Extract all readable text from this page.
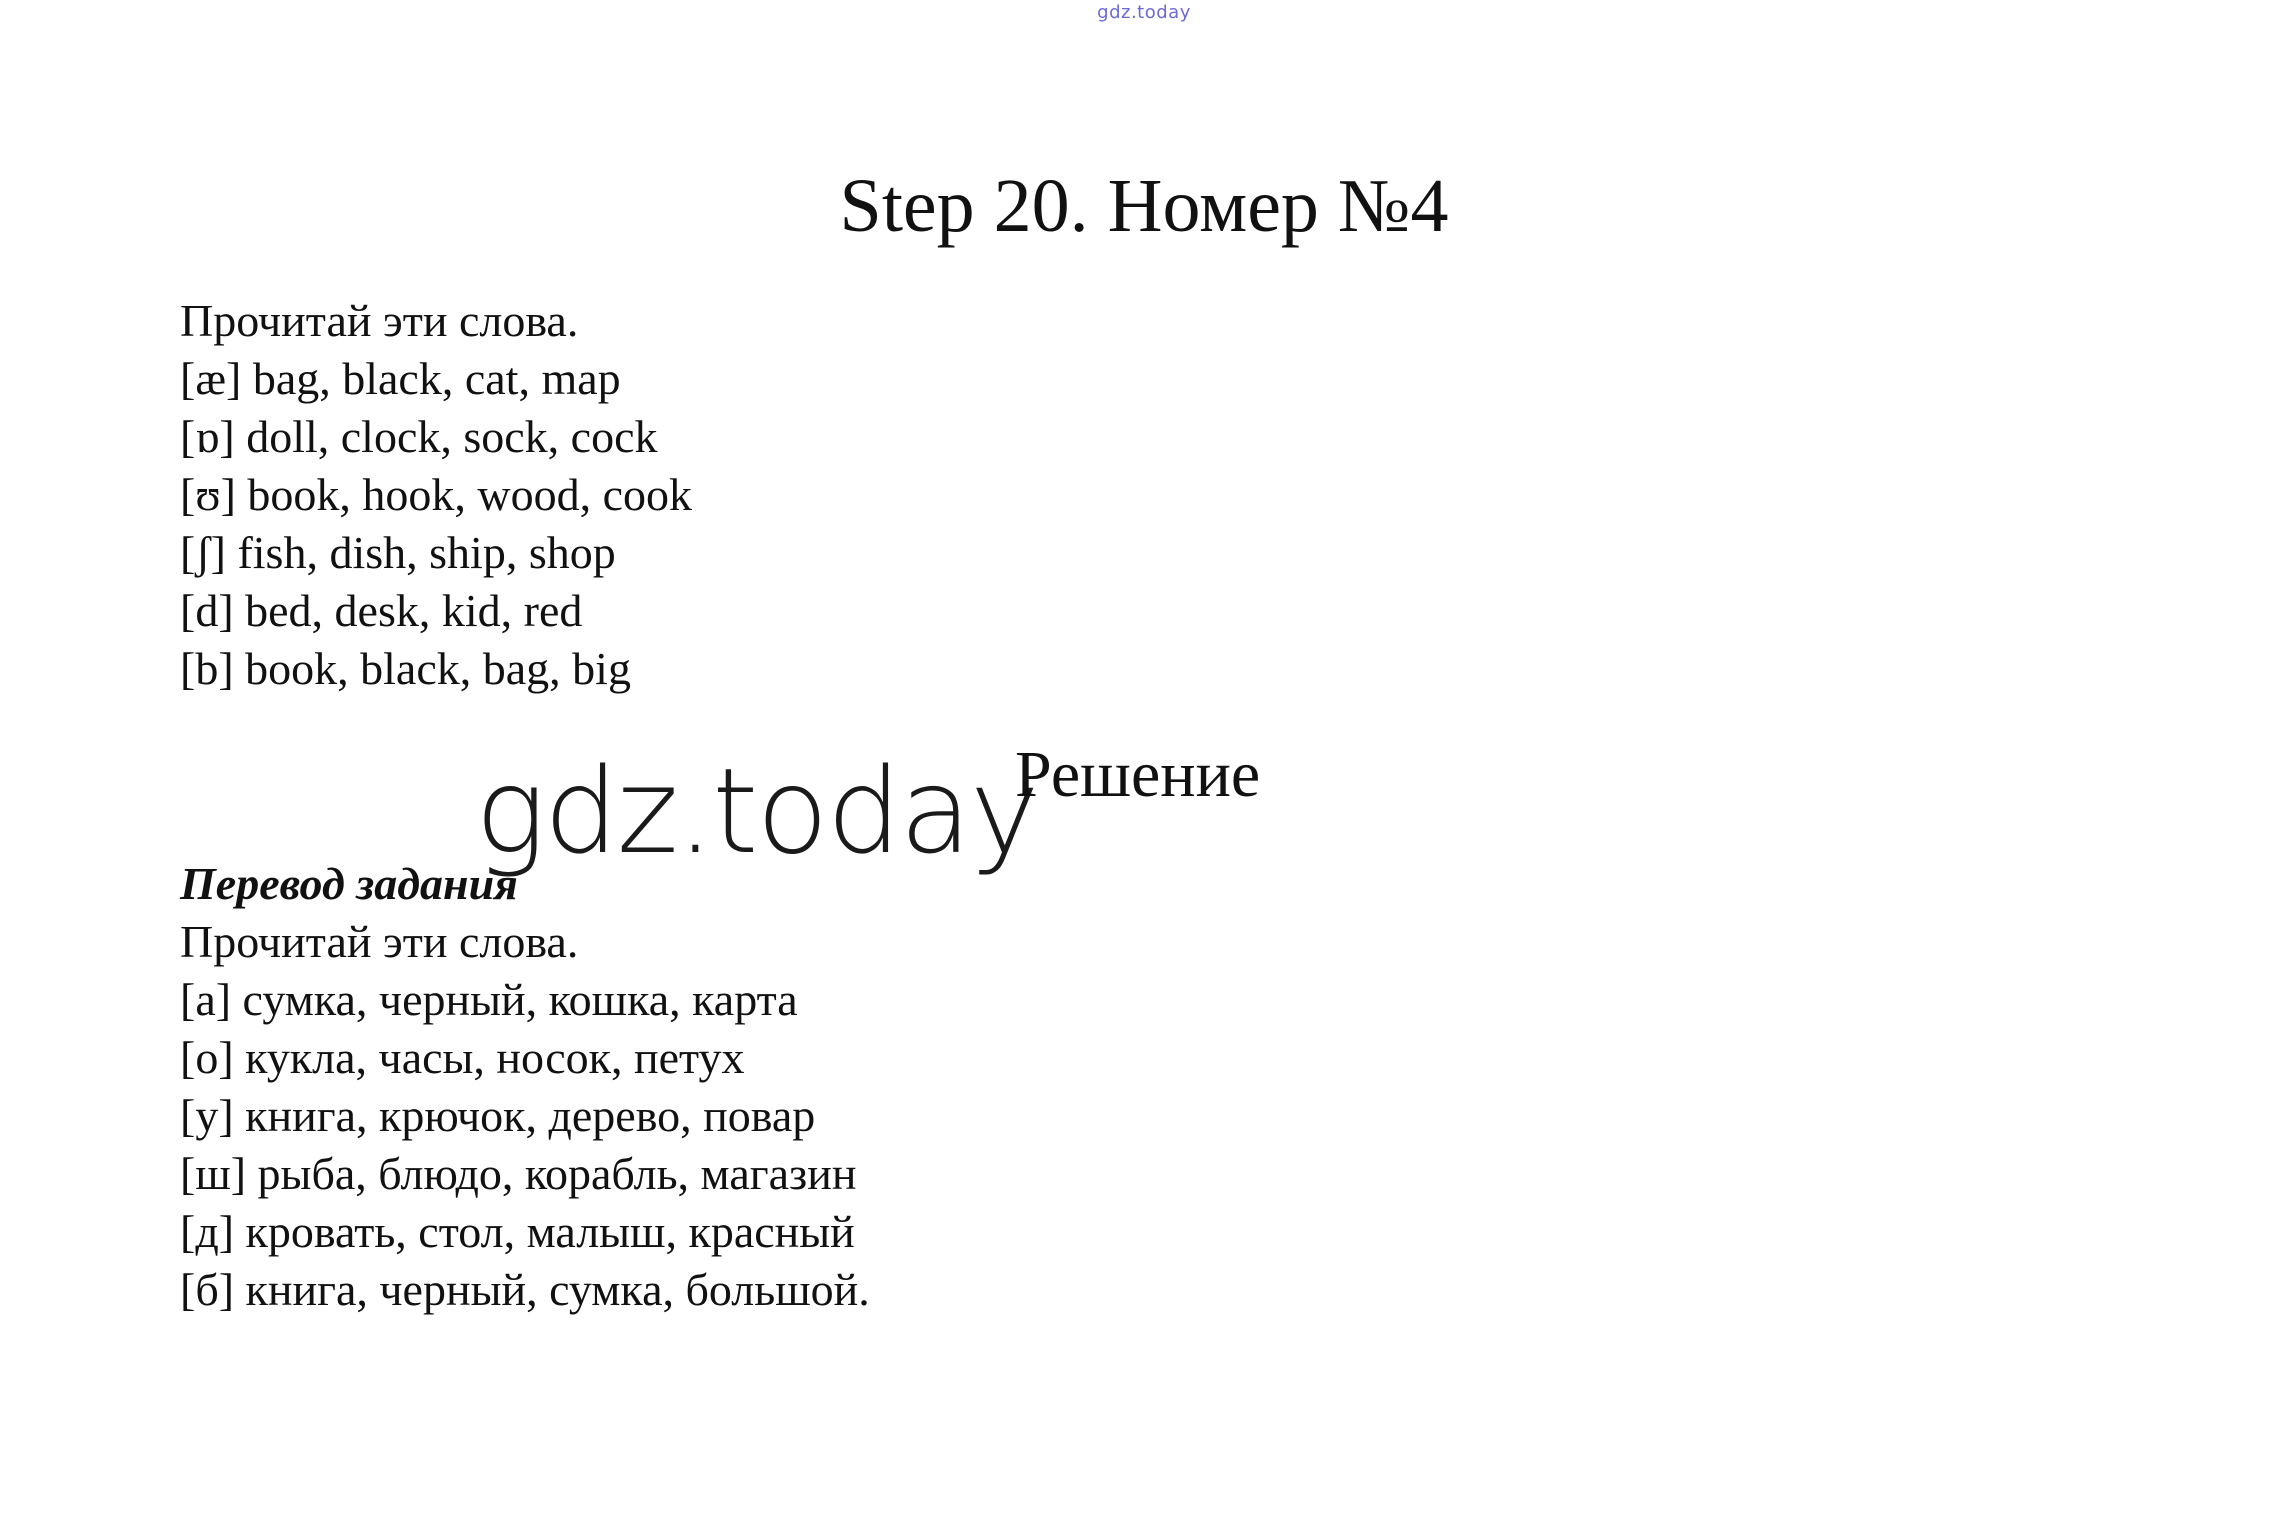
gdz.today
Step 20. Номер №4
Прочитай эти слова.
[æ] bag, black, cat, map
[ɒ] doll, clock, sock, cock
[ʊ] book, hook, wood, cook
[ʃ] fish, dish, ship, shop
[d] bed, desk, kid, red
[b] book, black, bag, big
gdz.today
Решение
Перевод задания
Прочитай эти слова.
[а] сумка, черный, кошка, карта
[о] кукла, часы, носок, петух
[у] книга, крючок, дерево, повар
[ш] рыба, блюдо, корабль, магазин
[д] кровать, стол, малыш, красный
[б] книга, черный, сумка, большой.
